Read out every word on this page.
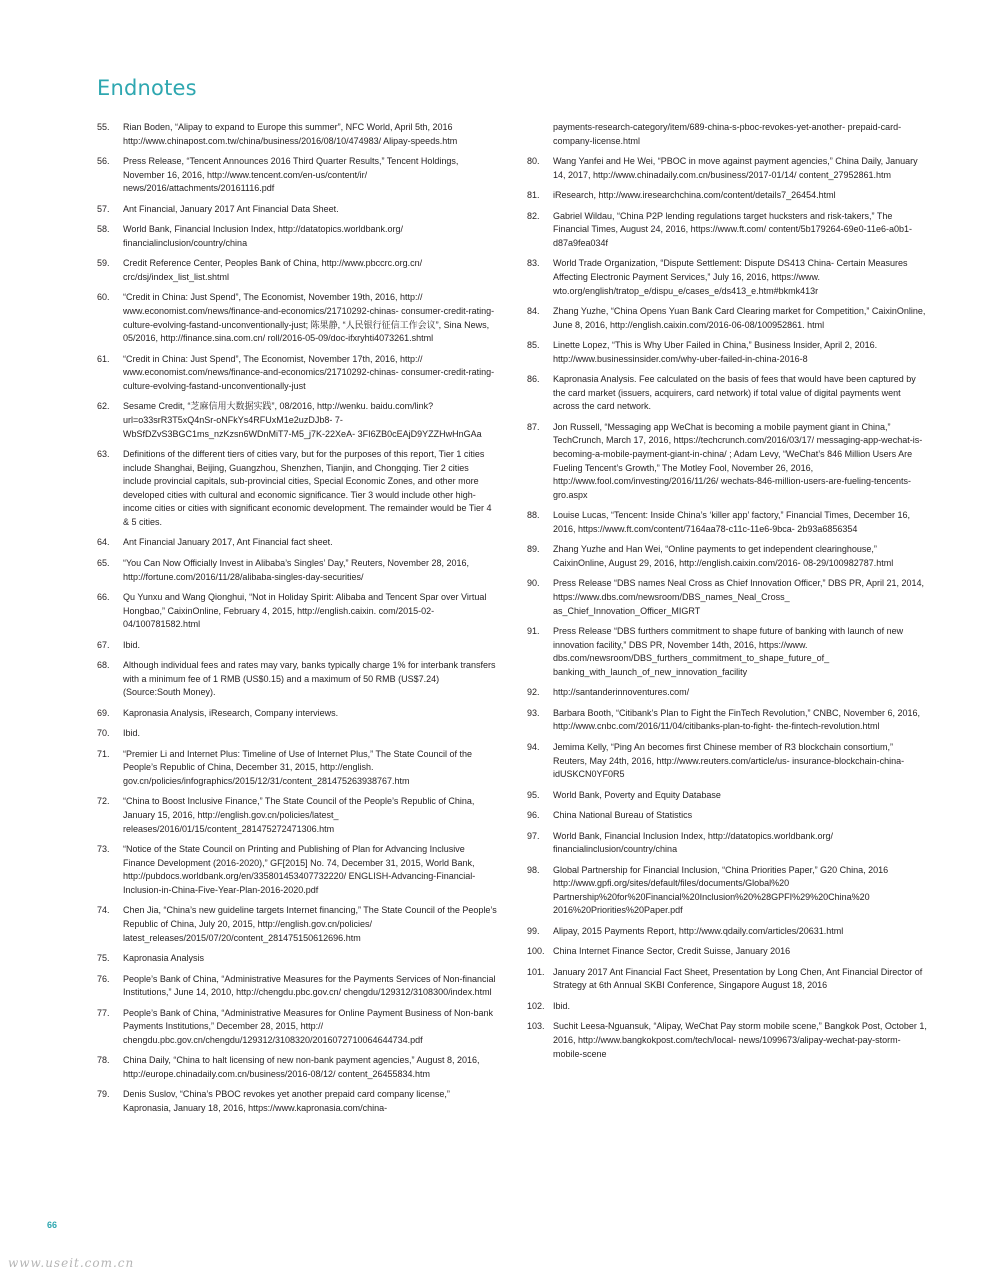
Endnotes
55. Rian Boden, “Alipay to expand to Europe this summer”, NFC World, April 5th, 2016 http://www.chinapost.com.tw/china/business/2016/08/10/474983/ Alipay-speeds.htm
56. Press Release, “Tencent Announces 2016 Third Quarter Results,” Tencent Holdings, November 16, 2016, http://www.tencent.com/en-us/content/ir/ news/2016/attachments/20161116.pdf
57. Ant Financial, January 2017 Ant Financial Data Sheet.
58. World Bank, Financial Inclusion Index, http://datatopics.worldbank.org/ financialinclusion/country/china
59. Credit Reference Center, Peoples Bank of China, http://www.pbccrc.org.cn/ crc/dsj/index_list_list.shtml
60. “Credit in China: Just Spend”, The Economist, November 19th, 2016, http:// www.economist.com/news/finance-and-economics/21710292-chinas- consumer-credit-rating-culture-evolving-fastand-unconventionally-just; 陈果静, “人民银行征信工作会议”, Sina News, 05/2016, http://finance.sina.com.cn/ roll/2016-05-09/doc-ifxryhti4073261.shtml
61. “Credit in China: Just Spend”, The Economist, November 17th, 2016, http:// www.economist.com/news/finance-and-economics/21710292-chinas- consumer-credit-rating-culture-evolving-fastand-unconventionally-just
62. Sesame Credit, “芝麻信用大数据实践”, 08/2016, http://wenku. baidu.com/link?url=o33srR3T5xQ4nSr-oNFkYs4RFUxM1e2uzDJb8- 7-WbSfDZvS3BGC1ms_nzKzsn6WDnMiT7-M5_j7K-22XeA- 3FI6ZB0cEAjD9YZZHwHnGAa
63. Definitions of the different tiers of cities vary, but for the purposes of this report, Tier 1 cities include Shanghai, Beijing, Guangzhou, Shenzhen, Tianjin, and Chongqing. Tier 2 cities include provincial capitals, sub-provincial cities, Special Economic Zones, and other more developed cities with cultural and economic significance. Tier 3 would include other high-income cities or cities with significant economic development. The remainder would be Tier 4 & 5 cities.
64. Ant Financial January 2017, Ant Financial fact sheet.
65. “You Can Now Officially Invest in Alibaba’s Singles’ Day,” Reuters, November 28, 2016, http://fortune.com/2016/11/28/alibaba-singles-day-securities/
66. Qu Yunxu and Wang Qionghui, “Not in Holiday Spirit: Alibaba and Tencent Spar over Virtual Hongbao,” CaixinOnline, February 4, 2015, http://english.caixin. com/2015-02-04/100781582.html
67. Ibid.
68. Although individual fees and rates may vary, banks typically charge 1% for interbank transfers with a minimum fee of 1 RMB (US$0.15) and a maximum of 50 RMB (US$7.24) (Source:South Money).
69. Kapronasia Analysis, iResearch, Company interviews.
70. Ibid.
71. “Premier Li and Internet Plus: Timeline of Use of Internet Plus,” The State Council of the People’s Republic of China, December 31, 2015, http://english. gov.cn/policies/infographics/2015/12/31/content_281475263938767.htm
72. “China to Boost Inclusive Finance,” The State Council of the People’s Republic of China, January 15, 2016, http://english.gov.cn/policies/latest_ releases/2016/01/15/content_281475272471306.htm
73. “Notice of the State Council on Printing and Publishing of Plan for Advancing Inclusive Finance Development (2016-2020),” GF[2015] No. 74, December 31, 2015, World Bank, http://pubdocs.worldbank.org/en/335801453407732220/ ENGLISH-Advancing-Financial-Inclusion-in-China-Five-Year-Plan-2016-2020.pdf
74. Chen Jia, “China’s new guideline targets Internet financing,” The State Council of the People’s Republic of China, July 20, 2015, http://english.gov.cn/policies/ latest_releases/2015/07/20/content_281475150612696.htm
75. Kapronasia Analysis
76. People’s Bank of China, “Administrative Measures for the Payments Services of Non-financial Institutions,” June 14, 2010, http://chengdu.pbc.gov.cn/ chengdu/129312/3108300/index.html
77. People’s Bank of China, “Administrative Measures for Online Payment Business of Non-bank Payments Institutions,” December 28, 2015, http:// chengdu.pbc.gov.cn/chengdu/129312/3108320/2016072710064644734.pdf
78. China Daily, “China to halt licensing of new non-bank payment agencies,” August 8, 2016, http://europe.chinadaily.com.cn/business/2016-08/12/ content_26455834.htm
79. Denis Suslov, “China’s PBOC revokes yet another prepaid card company license,” Kapronasia, January 18, 2016, https://www.kapronasia.com/china-
payments-research-category/item/689-china-s-pboc-revokes-yet-another- prepaid-card-company-license.html
80. Wang Yanfei and He Wei, “PBOC in move against payment agencies,” China Daily, January 14, 2017, http://www.chinadaily.com.cn/business/2017-01/14/ content_27952861.htm
81. iResearch, http://www.iresearchchina.com/content/details7_26454.html
82. Gabriel Wildau, “China P2P lending regulations target hucksters and risk-takers,” The Financial Times, August 24, 2016, https://www.ft.com/ content/5b179264-69e0-11e6-a0b1-d87a9fea034f
83. World Trade Organization, “Dispute Settlement: Dispute DS413 China- Certain Measures Affecting Electronic Payment Services,” July 16, 2016, https://www. wto.org/english/tratop_e/dispu_e/cases_e/ds413_e.htm#bkmk413r
84. Zhang Yuzhe, “China Opens Yuan Bank Card Clearing market for Competition,” CaixinOnline, June 8, 2016, http://english.caixin.com/2016-06-08/100952861. html
85. Linette Lopez, “This is Why Uber Failed in China,” Business Insider, April 2, 2016. http://www.businessinsider.com/why-uber-failed-in-china-2016-8
86. Kapronasia Analysis. Fee calculated on the basis of fees that would have been captured by the card market (issuers, acquirers, card network) if total value of digital payments went across the card network.
87. Jon Russell, “Messaging app WeChat is becoming a mobile payment giant in China,” TechCrunch, March 17, 2016, https://techcrunch.com/2016/03/17/ messaging-app-wechat-is-becoming-a-mobile-payment-giant-in-china/ ; Adam Levy, “WeChat’s 846 Million Users Are Fueling Tencent’s Growth,” The Motley Fool, November 26, 2016, http://www.fool.com/investing/2016/11/26/ wechats-846-million-users-are-fueling-tencents-gro.aspx
88. Louise Lucas, “Tencent: Inside China’s ‘killer app’ factory,” Financial Times, December 16, 2016, https://www.ft.com/content/7164aa78-c11c-11e6-9bca- 2b93a6856354
89. Zhang Yuzhe and Han Wei, “Online payments to get independent clearinghouse,” CaixinOnline, August 29, 2016, http://english.caixin.com/2016- 08-29/100982787.html
90. Press Release “DBS names Neal Cross as Chief Innovation Officer,” DBS PR, April 21, 2014, https://www.dbs.com/newsroom/DBS_names_Neal_Cross_ as_Chief_Innovation_Officer_MIGRT
91. Press Release “DBS furthers commitment to shape future of banking with launch of new innovation facility,” DBS PR, November 14th, 2016, https://www. dbs.com/newsroom/DBS_furthers_commitment_to_shape_future_of_ banking_with_launch_of_new_innovation_facility
92. http://santanderinnoventures.com/
93. Barbara Booth, “Citibank’s Plan to Fight the FinTech Revolution,” CNBC, November 6, 2016, http://www.cnbc.com/2016/11/04/citibanks-plan-to-fight- the-fintech-revolution.html
94. Jemima Kelly, “Ping An becomes first Chinese member of R3 blockchain consortium,” Reuters, May 24th, 2016, http://www.reuters.com/article/us- insurance-blockchain-china-idUSKCN0YF0R5
95. World Bank, Poverty and Equity Database
96. China National Bureau of Statistics
97. World Bank, Financial Inclusion Index, http://datatopics.worldbank.org/ financialinclusion/country/china
98. Global Partnership for Financial Inclusion, “China Priorities Paper,” G20 China, 2016 http://www.gpfi.org/sites/default/files/documents/Global%20 Partnership%20for%20Financial%20Inclusion%20%28GPFI%29%20China%20 2016%20Priorities%20Paper.pdf
99. Alipay, 2015 Payments Report, http://www.qdaily.com/articles/20631.html
100. China Internet Finance Sector, Credit Suisse, January 2016
101. January 2017 Ant Financial Fact Sheet, Presentation by Long Chen, Ant Financial Director of Strategy at 6th Annual SKBI Conference, Singapore August 18, 2016
102. Ibid.
103. Suchit Leesa-Nguansuk, “Alipay, WeChat Pay storm mobile scene,” Bangkok Post, October 1, 2016, http://www.bangkokpost.com/tech/local- news/1099673/alipay-wechat-pay-storm-mobile-scene
66
www.useit.com.cn
